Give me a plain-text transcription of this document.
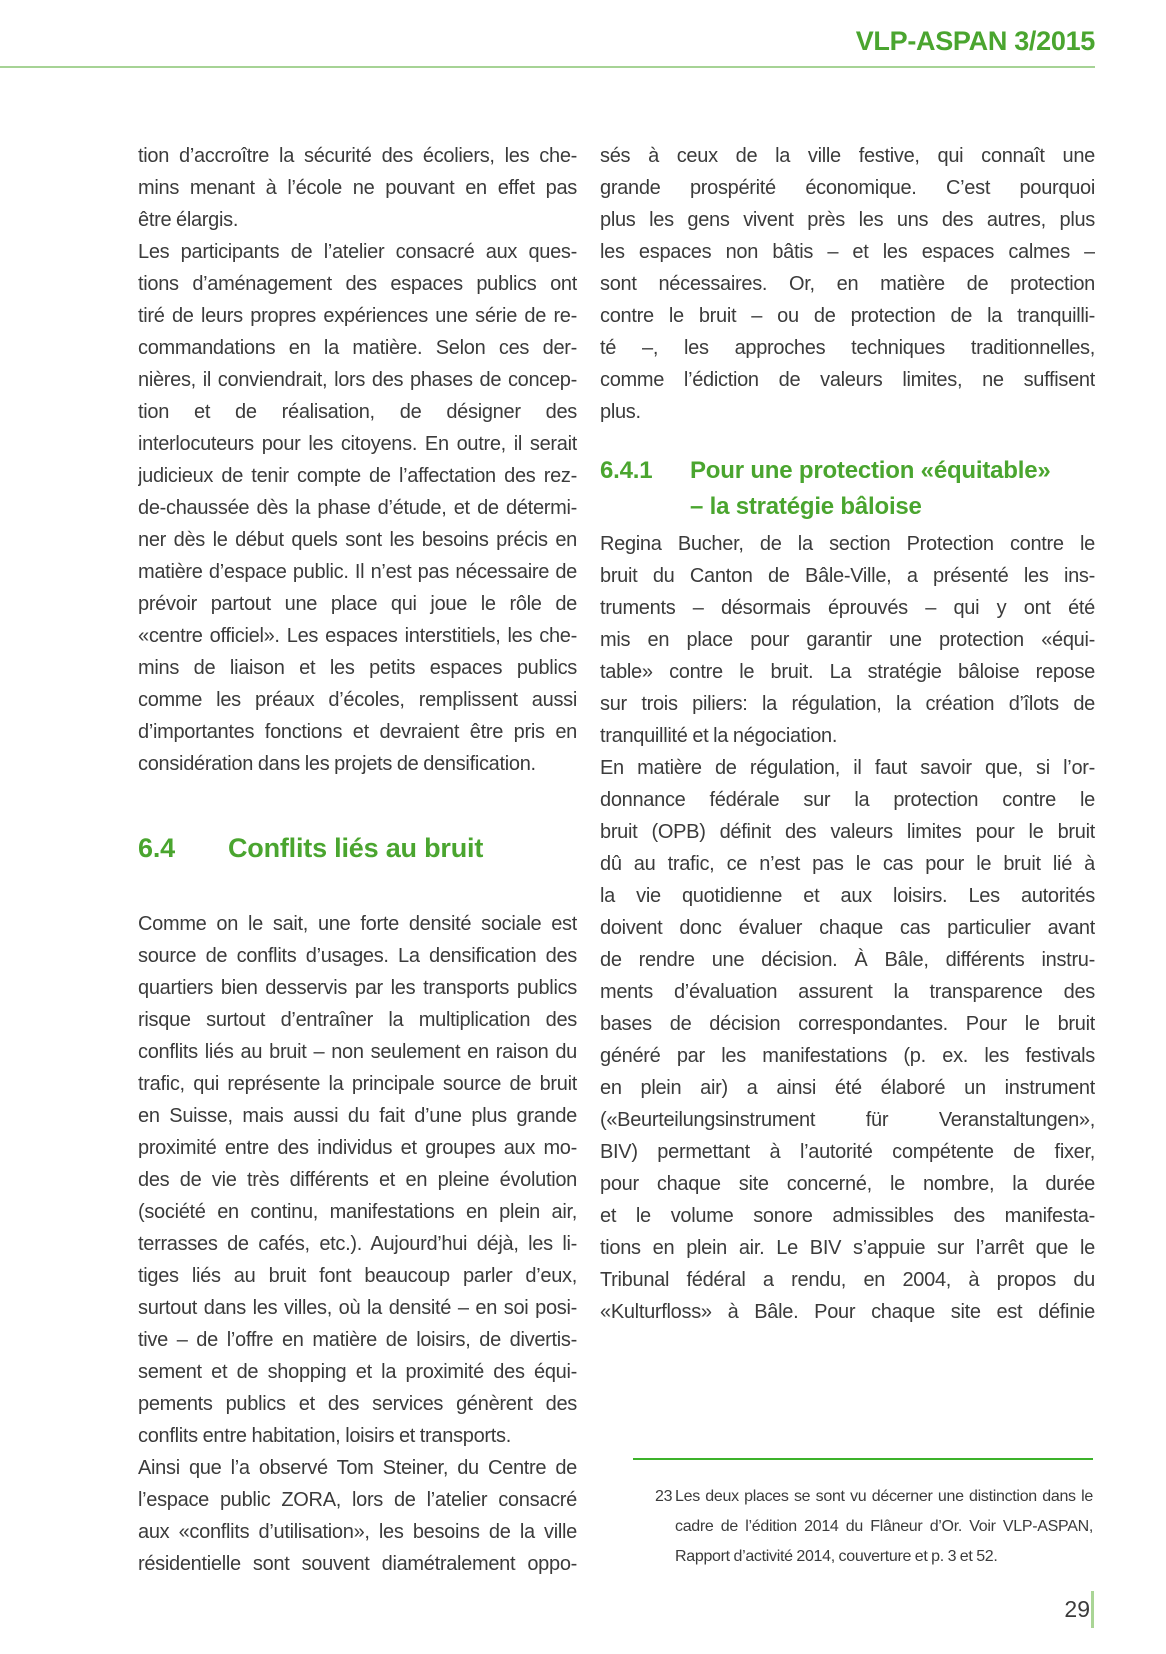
VLP-ASPAN 3/2015
tion d’accroître la sécurité des écoliers, les che-
mins menant à l’école ne pouvant en effet pas
être élargis.
Les participants de l’atelier consacré aux ques-
tions d’aménagement des espaces publics ont
tiré de leurs propres expériences une série de re-
commandations en la matière. Selon ces der-
nières, il conviendrait, lors des phases de concep-
tion et de réalisation, de désigner des
interlocuteurs pour les citoyens. En outre, il serait
judicieux de tenir compte de l’affectation des rez-
de-chaussée dès la phase d’étude, et de détermi-
ner dès le début quels sont les besoins précis en
matière d’espace public. Il n’est pas nécessaire de
prévoir partout une place qui joue le rôle de
«centre officiel». Les espaces interstitiels, les che-
mins de liaison et les petits espaces publics
comme les préaux d’écoles, remplissent aussi
d’importantes fonctions et devraient être pris en
considération dans les projets de densification.
6.4	Conflits liés au bruit
Comme on le sait, une forte densité sociale est
source de conflits d’usages. La densification des
quartiers bien desservis par les transports publics
risque surtout d’entraîner la multiplication des
conflits liés au bruit – non seulement en raison du
trafic, qui représente la principale source de bruit
en Suisse, mais aussi du fait d’une plus grande
proximité entre des individus et groupes aux mo-
des de vie très différents et en pleine évolution
(société en continu, manifestations en plein air,
terrasses de cafés, etc.). Aujourd’hui déjà, les li-
tiges liés au bruit font beaucoup parler d’eux,
surtout dans les villes, où la densité – en soi posi-
tive – de l’offre en matière de loisirs, de divertis-
sement et de shopping et la proximité des équi-
pements publics et des services génèrent des
conflits entre habitation, loisirs et transports.
Ainsi que l’a observé Tom Steiner, du Centre de
l’espace public ZORA, lors de l’atelier consacré
aux «conflits d’utilisation», les besoins de la ville
résidentielle sont souvent diamétralement oppo-
sés à ceux de la ville festive, qui connaît une
grande prospérité économique. C’est pourquoi
plus les gens vivent près les uns des autres, plus
les espaces non bâtis – et les espaces calmes –
sont nécessaires. Or, en matière de protection
contre le bruit – ou de protection de la tranquilli-
té –, les approches techniques traditionnelles,
comme l’édiction de valeurs limites, ne suffisent
plus.
6.4.1	Pour une protection «équitable»
– la stratégie bâloise
Regina Bucher, de la section Protection contre le
bruit du Canton de Bâle-Ville, a présenté les ins-
truments – désormais éprouvés – qui y ont été
mis en place pour garantir une protection «équi-
table» contre le bruit. La stratégie bâloise repose
sur trois piliers: la régulation, la création d’îlots de
tranquillité et la négociation.
En matière de régulation, il faut savoir que, si l’or-
donnance fédérale sur la protection contre le
bruit (OPB) définit des valeurs limites pour le bruit
dû au trafic, ce n’est pas le cas pour le bruit lié à
la vie quotidienne et aux loisirs. Les autorités
doivent donc évaluer chaque cas particulier avant
de rendre une décision. À Bâle, différents instru-
ments d’évaluation assurent la transparence des
bases de décision correspondantes. Pour le bruit
généré par les manifestations (p. ex. les festivals
en plein air) a ainsi été élaboré un instrument
(«Beurteilungsinstrument für Veranstaltungen»,
BIV) permettant à l’autorité compétente de fixer,
pour chaque site concerné, le nombre, la durée
et le volume sonore admissibles des manifesta-
tions en plein air. Le BIV s’appuie sur l’arrêt que le
Tribunal fédéral a rendu, en 2004, à propos du
«Kulturfloss» à Bâle. Pour chaque site est définie
23 Les deux places se sont vu décerner une distinction dans le
cadre de l’édition 2014 du Flâneur d’Or. Voir VLP-ASPAN,
Rapport d’activité 2014, couverture et p. 3 et 52.
29
